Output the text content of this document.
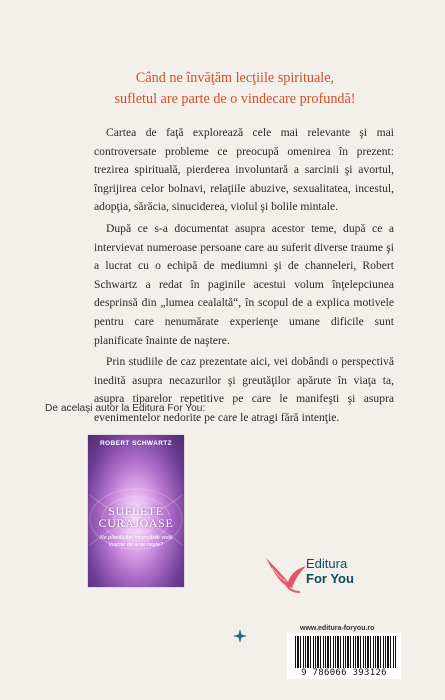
Când ne învăţăm lecţiile spirituale,
sufletul are parte de o vindecare profundă!

Cartea de faţă explorează cele mai relevante şi mai controversate probleme ce preocupă omenirea în prezent: trezirea spirituală, pierderea involuntară a sarcinii şi avortul, îngrijirea celor bolnavi, relaţiile abuzive, sexualitatea, incestul, adopţia, sărăcia, sinuciderea, violul şi bolile mintale.

După ce s-a documentat asupra acestor teme, după ce a intervievat numeroase persoane care au suferit diverse traume şi a lucrat cu o echipă de mediumni şi de channeleri, Robert Schwartz a redat în paginile acestui volum înţelepciunea desprinsă din „lumea cealaltă“, în scopul de a explica motivele pentru care nenumărate experienţe umane dificile sunt planificate înainte de naştere.

Prin studiile de caz prezentate aici, vei dobândi o perspectivă inedită asupra necazurilor şi greutăţilor apărute în viaţa ta, asupra tiparelor repetitive pe care le manifeşti şi asupra evenimentelor nedorite pe care le atragi fără intenţie.

De acelaşi autor la Editura For You:
ROBERT SCHWARTZ
SUFLETE
CURAJOASE
Ne planificăm încercările vieţii înainte de a ne naşte?
Editura
For You
www.editura-foryou.ro
9 786066 393126
